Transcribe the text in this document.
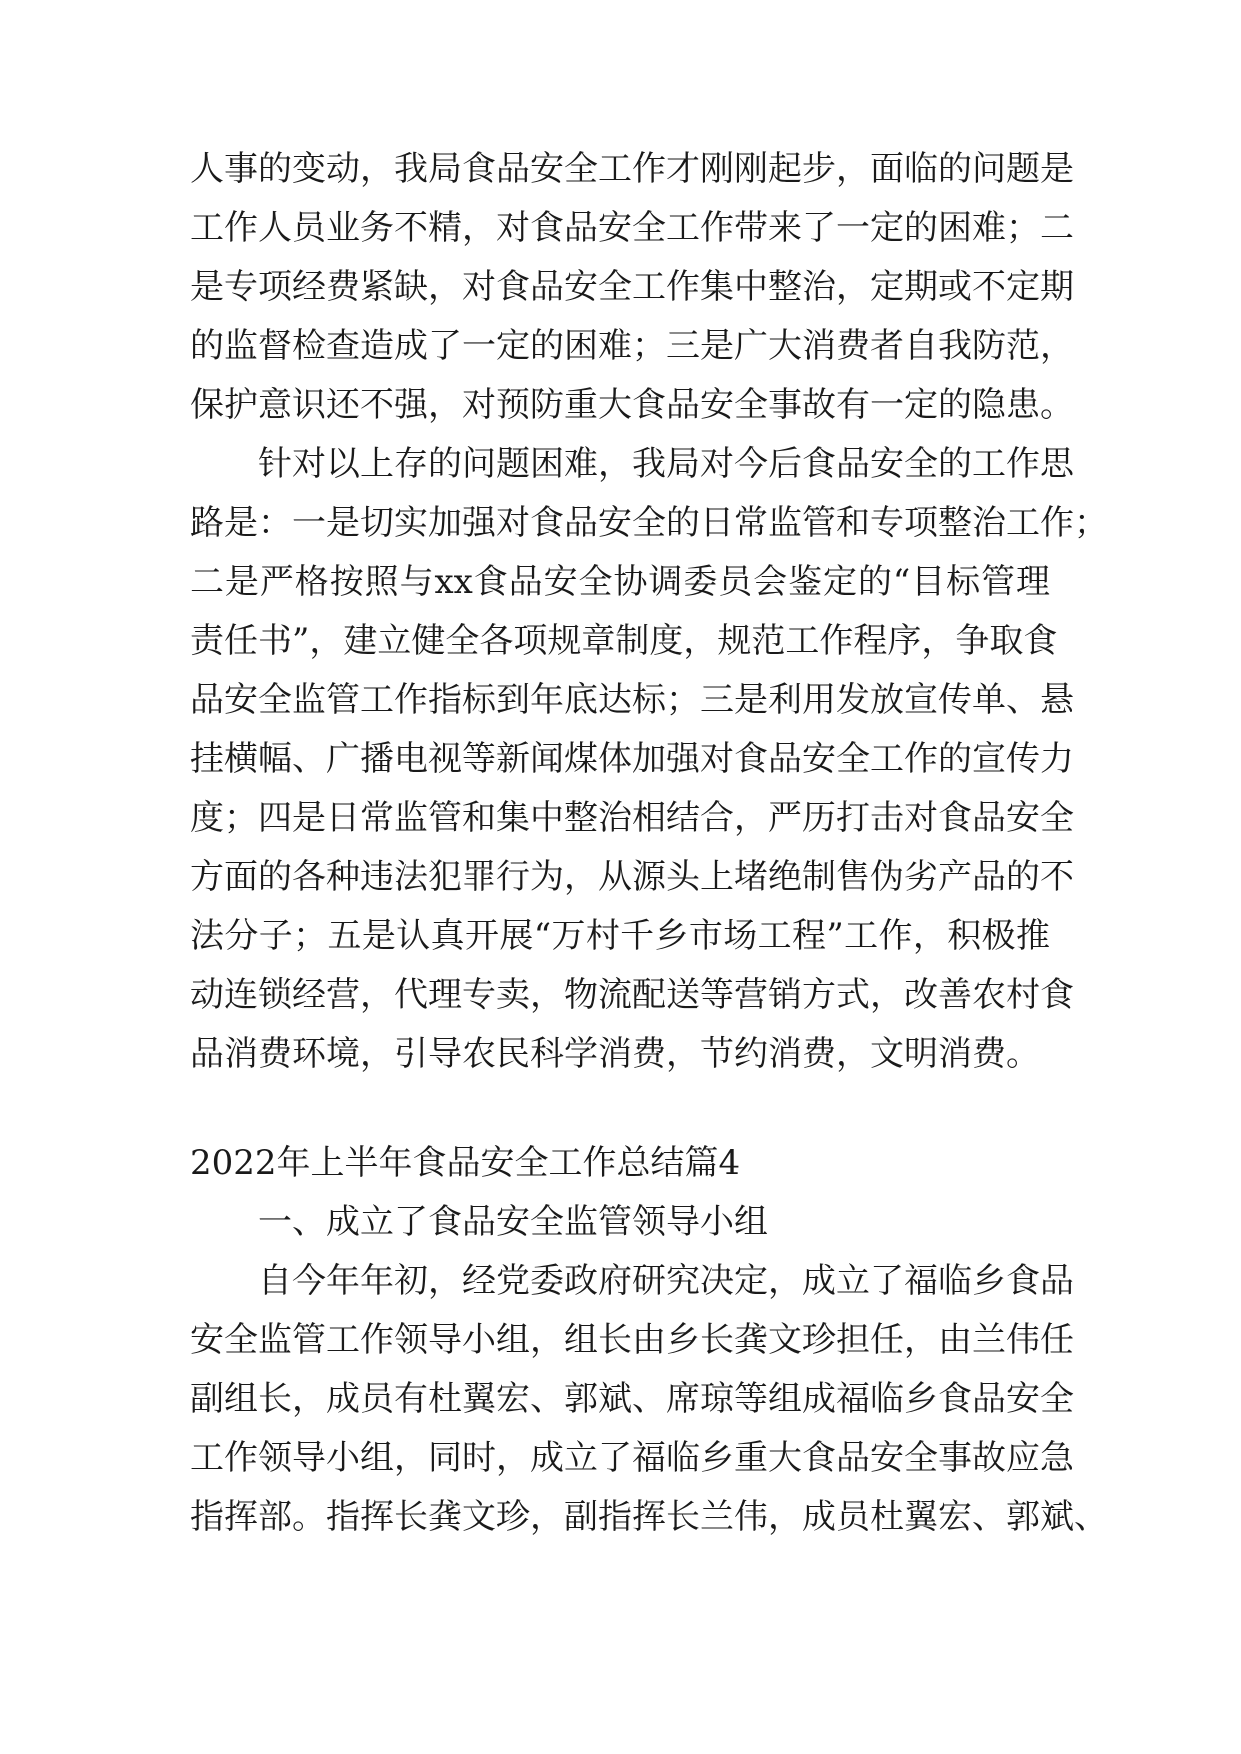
人事的变动，我局食品安全工作才刚刚起步，面临的问题是
工作人员业务不精，对食品安全工作带来了一定的困难；二
是专项经费紧缺，对食品安全工作集中整治，定期或不定期
的监督检查造成了一定的困难；三是广大消费者自我防范，
保护意识还不强，对预防重大食品安全事故有一定的隐患。
针对以上存的问题困难，我局对今后食品安全的工作思
路是：一是切实加强对食品安全的日常监管和专项整治工作；
二是严格按照与xx食品安全协调委员会鉴定的“目标管理
责任书”，建立健全各项规章制度，规范工作程序，争取食
品安全监管工作指标到年底达标；三是利用发放宣传单、悬
挂横幅、广播电视等新闻煤体加强对食品安全工作的宣传力
度；四是日常监管和集中整治相结合，严历打击对食品安全
方面的各种违法犯罪行为，从源头上堵绝制售伪劣产品的不
法分子；五是认真开展“万村千乡市场工程”工作，积极推
动连锁经营，代理专卖，物流配送等营销方式，改善农村食
品消费环境，引导农民科学消费，节约消费，文明消费。
2022年上半年食品安全工作总结篇4
一、成立了食品安全监管领导小组
自今年年初，经党委政府研究决定，成立了福临乡食品
安全监管工作领导小组，组长由乡长龚文珍担任，由兰伟任
副组长，成员有杜翼宏、郭斌、席琼等组成福临乡食品安全
工作领导小组，同时，成立了福临乡重大食品安全事故应急
指挥部。指挥长龚文珍，副指挥长兰伟，成员杜翼宏、郭斌、
